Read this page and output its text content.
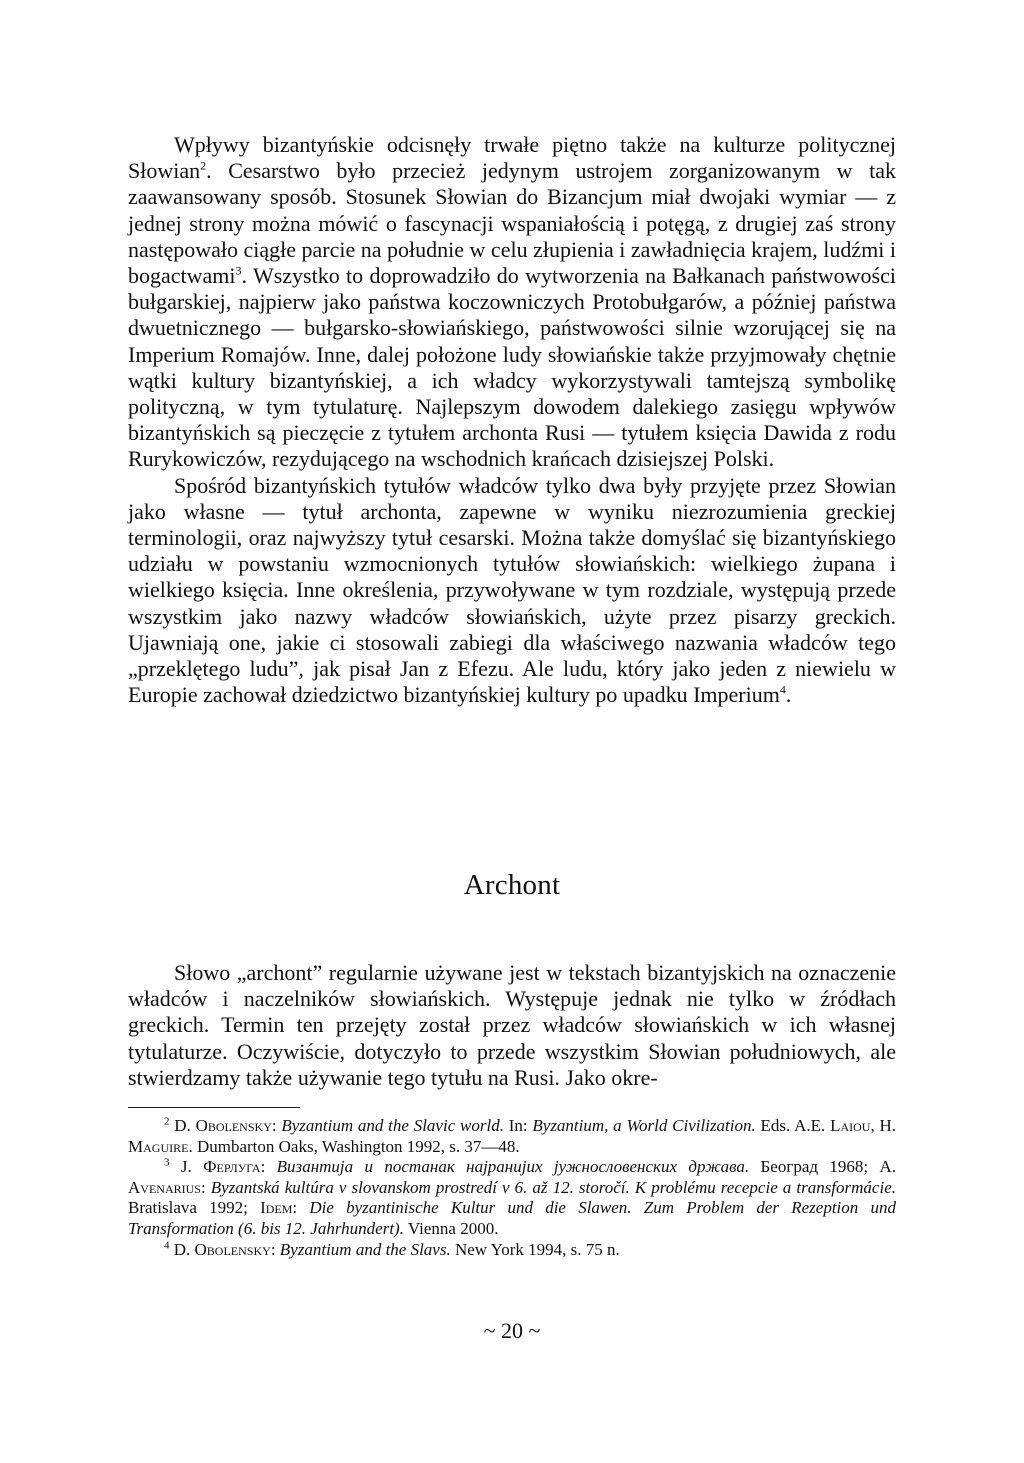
Wpływy bizantyńskie odcisnęły trwałe piętno także na kulturze politycznej Słowian$^2$. Cesarstwo było przecież jedynym ustrojem zorganizowanym w tak zaawansowany sposób. Stosunek Słowian do Bizancjum miał dwojaki wymiar — z jednej strony można mówić o fascynacji wspaniałością i potęgą, z drugiej zaś strony następowało ciągłe parcie na południe w celu złupienia i zawładnięcia krajem, ludźmi i bogactwami$^3$. Wszystko to doprowadziło do wytworzenia na Bałkanach państwowości bułgarskiej, najpierw jako państwa koczowniczych Protobułgarów, a później państwa dwuetnicznego — bułgarsko-słowiańskiego, państwowości silnie wzorującej się na Imperium Romajów. Inne, dalej położone ludy słowiańskie także przyjmowały chętnie wątki kultury bizantyńskiej, a ich władcy wykorzystywali tamtejszą symbolikę polityczną, w tym tytulaturę. Najlepszym dowodem dalekiego zasięgu wpływów bizantyńskich są pieczęcie z tytułem archonta Rusi — tytułem księcia Dawida z rodu Rurykowiczów, rezydującego na wschodnich krańcach dzisiejszej Polski.

Spośród bizantyńskich tytułów władców tylko dwa były przyjęte przez Słowian jako własne — tytuł archonta, zapewne w wyniku niezrozumienia greckiej terminologii, oraz najwyższy tytuł cesarski. Można także domyślać się bizantyńskiego udziału w powstaniu wzmocnionych tytułów słowiańskich: wielkiego żupana i wielkiego księcia. Inne określenia, przywoływane w tym rozdziale, występują przede wszystkim jako nazwy władców słowiańskich, użyte przez pisarzy greckich. Ujawniają one, jakie ci stosowali zabiegi dla właściwego nazwania władców tego „przeklętego ludu”, jak pisał Jan z Efezu. Ale ludu, który jako jeden z niewielu w Europie zachował dziedzictwo bizantyńskiej kultury po upadku Imperium$^4$.

Archont

Słowo „archont” regularnie używane jest w tekstach bizantyjskich na oznaczenie władców i naczelników słowiańskich. Występuje jednak nie tylko w źródłach greckich. Termin ten przejęty został przez władców słowiańskich w ich własnej tytulaturze. Oczywiście, dotyczyło to przede wszystkim Słowian południowych, ale stwierdzamy także używanie tego tytułu na Rusi. Jako okre-

$^2$ D. Obolensky: Byzantium and the Slavic world. In: Byzantium, a World Civilization. Eds. A.E. Laiou, H. Maguire. Dumbarton Oaks, Washington 1992, s. 37—48.

$^3$ J. Ферлуга: Византија и постанак најранијих јужнословенских држава. Београд 1968; A. Avenarius: Byzantská kultúra v slovanskom prostredí v 6. až 12. storočí. K problému recepcie a transformácie. Bratislava 1992; Idem: Die byzantinische Kultur und die Slawen. Zum Problem der Rezeption und Transformation (6. bis 12. Jahrhundert). Vienna 2000.

$^4$ D. Obolensky: Byzantium and the Slavs. New York 1994, s. 75 n.

~ 20 ~
